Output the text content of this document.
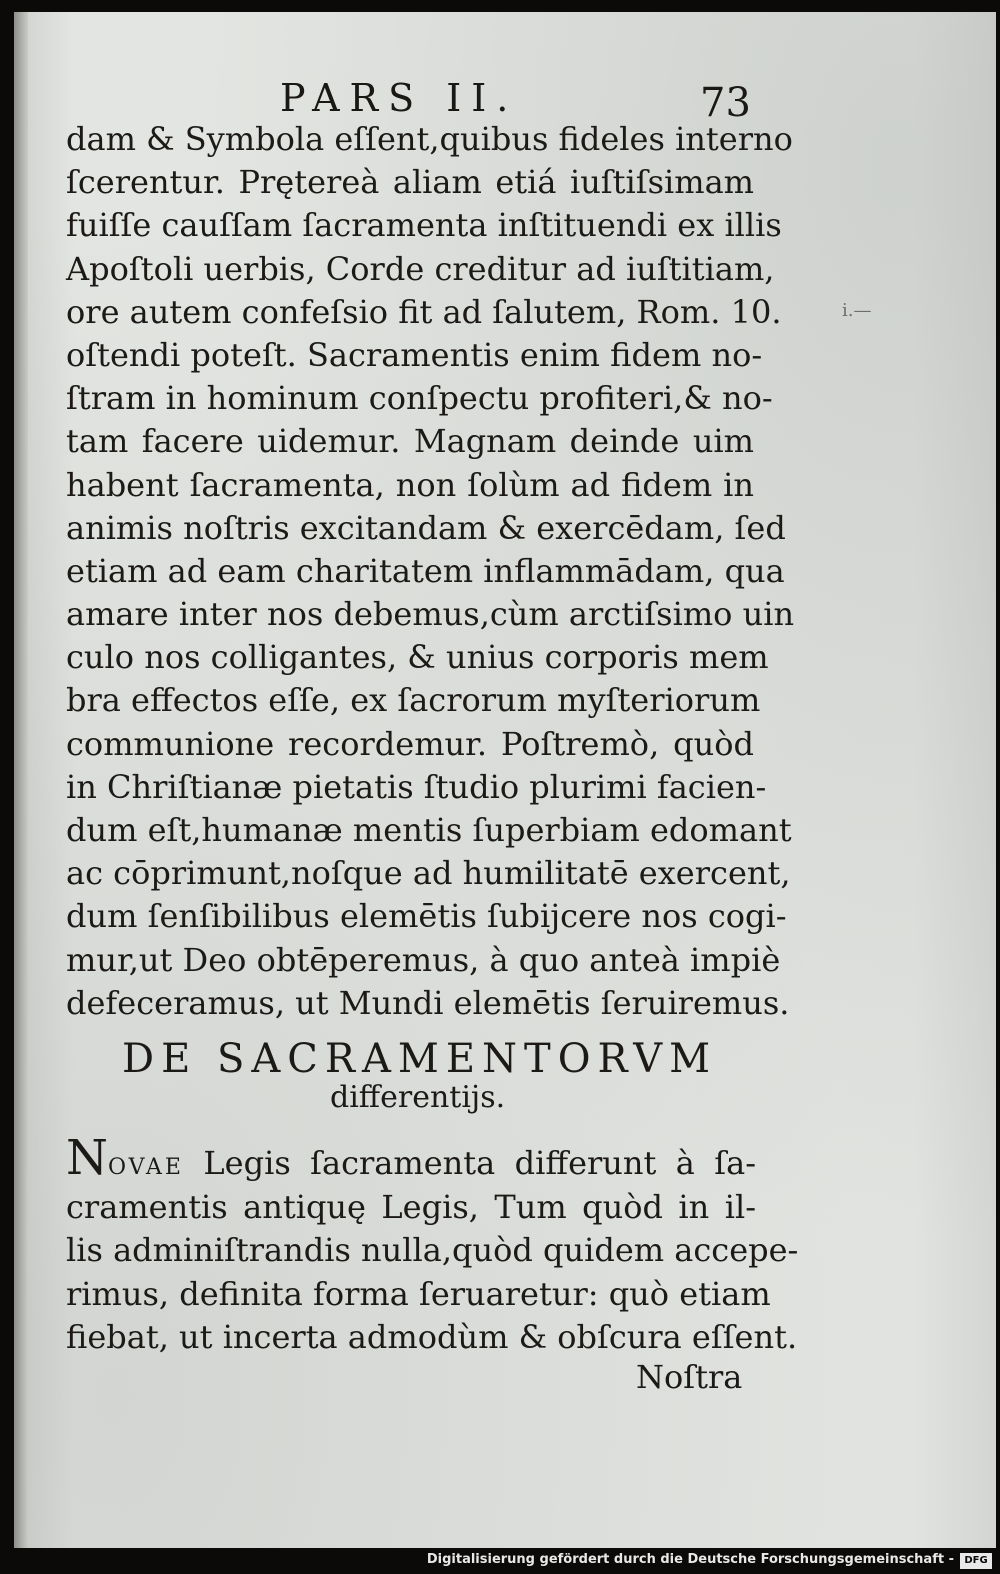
PARS II.	73
dam & Symbola eſſent,quibus fideles interno
ſcerentur. Prętereà aliam etiá iuſtiſsimam
fuiſſe cauſſam ſacramenta inſtituendi ex illis
Apoſtoli uerbis, Corde creditur ad iuſtitiam,
ore autem confeſsio fit ad ſalutem, Rom. 10.
oſtendi poteſt. Sacramentis enim fidem no-
ſtram in hominum conſpectu profiteri,& no-
tam facere uidemur. Magnam deinde uim
habent ſacramenta, non ſolùm ad fidem in
animis noſtris excitandam & exercēdam, ſed
etiam ad eam charitatem inflammādam, qua
amare inter nos debemus,cùm arctiſsimo uin
culo nos colligantes, & unius corporis mem
bra effectos eſſe, ex ſacrorum myſteriorum
communione recordemur. Poſtremò, quòd
in Chriſtianæ pietatis ſtudio plurimi facien-
dum eſt,humanæ mentis ſuperbiam edomant
ac cōprimunt,noſque ad humilitatē exercent,
dum ſenſibilibus elemētis ſubijcere nos cogi-
mur,ut Deo obtēperemus, à quo anteà impiè
defeceramus, ut Mundi elemētis ſeruiremus.
DE SACRAMENTORVM
differentijs.
NOVAE Legis ſacramenta differunt à ſa-
cramentis antiquę Legis, Tum quòd in il-
lis adminiſtrandis nulla,quòd quidem accepe-
rimus, definita forma ſeruaretur: quò etiam
fiebat, ut incerta admodùm & obſcura eſſent.
Noſtra
i.—
Digitalisierung gefördert durch die Deutsche Forschungsgemeinschaft -	DFG
